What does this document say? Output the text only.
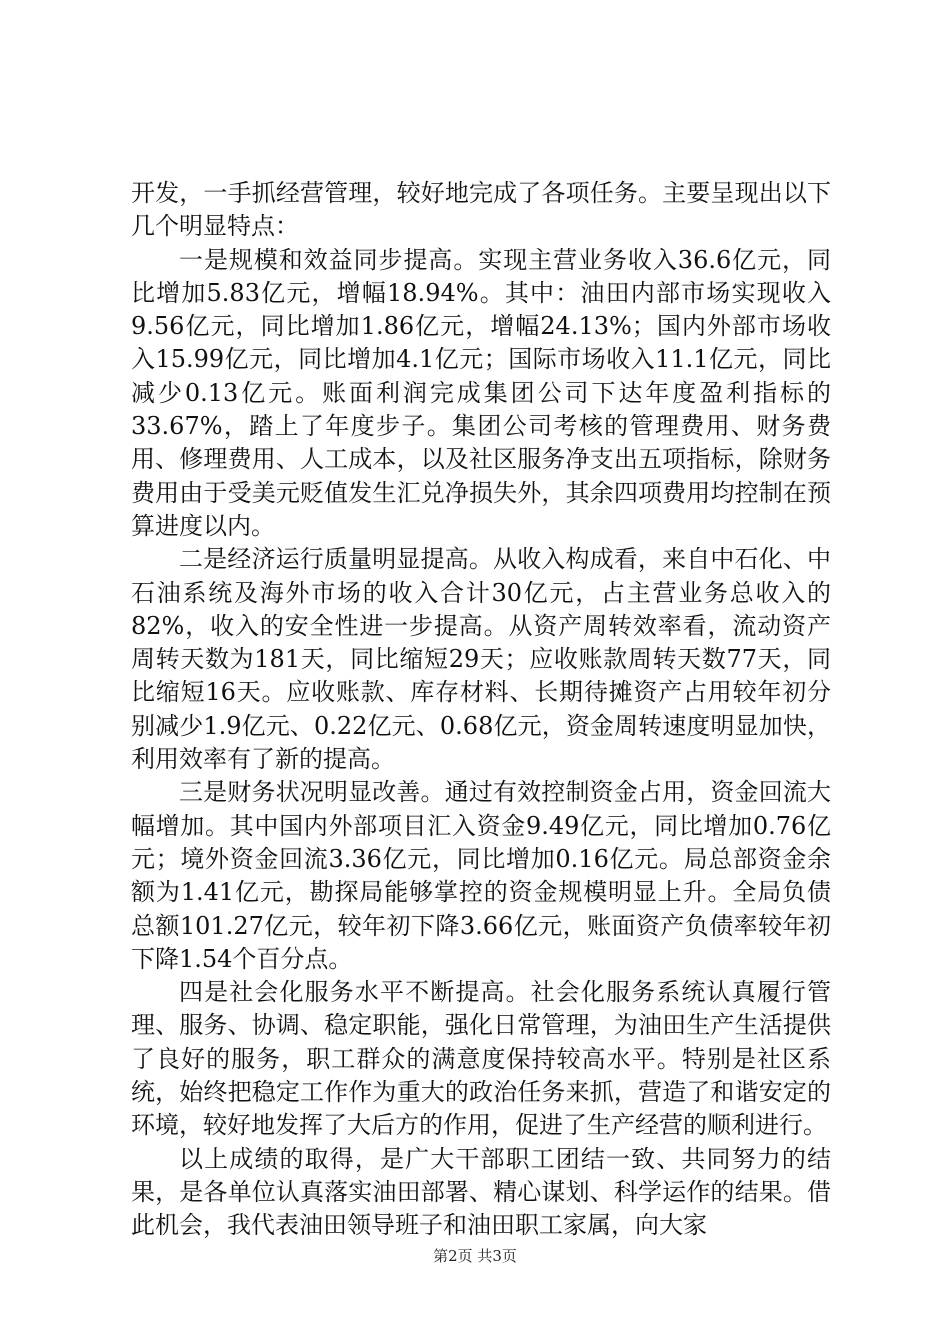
开发，一手抓经营管理，较好地完成了各项任务。主要呈现出以下几个明显特点：

一是规模和效益同步提高。实现主营业务收入36.6亿元，同比增加5.83亿元，增幅18.94%。其中：油田内部市场实现收入9.56亿元，同比增加1.86亿元，增幅24.13%；国内外部市场收入15.99亿元，同比增加4.1亿元；国际市场收入11.1亿元，同比减少0.13亿元。账面利润完成集团公司下达年度盈利指标的33.67%，踏上了年度步子。集团公司考核的管理费用、财务费用、修理费用、人工成本，以及社区服务净支出五项指标，除财务费用由于受美元贬值发生汇兑净损失外，其余四项费用均控制在预算进度以内。

二是经济运行质量明显提高。从收入构成看，来自中石化、中石油系统及海外市场的收入合计30亿元，占主营业务总收入的82%，收入的安全性进一步提高。从资产周转效率看，流动资产周转天数为181天，同比缩短29天；应收账款周转天数77天，同比缩短16天。应收账款、库存材料、长期待摊资产占用较年初分别减少1.9亿元、0.22亿元、0.68亿元，资金周转速度明显加快，利用效率有了新的提高。

三是财务状况明显改善。通过有效控制资金占用，资金回流大幅增加。其中国内外部项目汇入资金9.49亿元，同比增加0.76亿元；境外资金回流3.36亿元，同比增加0.16亿元。局总部资金余额为1.41亿元，勘探局能够掌控的资金规模明显上升。全局负债总额101.27亿元，较年初下降3.66亿元，账面资产负债率较年初下降1.54个百分点。

四是社会化服务水平不断提高。社会化服务系统认真履行管理、服务、协调、稳定职能，强化日常管理，为油田生产生活提供了良好的服务，职工群众的满意度保持较高水平。特别是社区系统，始终把稳定工作作为重大的政治任务来抓，营造了和谐安定的环境，较好地发挥了大后方的作用，促进了生产经营的顺利进行。

以上成绩的取得，是广大干部职工团结一致、共同努力的结果，是各单位认真落实油田部署、精心谋划、科学运作的结果。借此机会，我代表油田领导班子和油田职工家属，向大家

第2页 共3页
